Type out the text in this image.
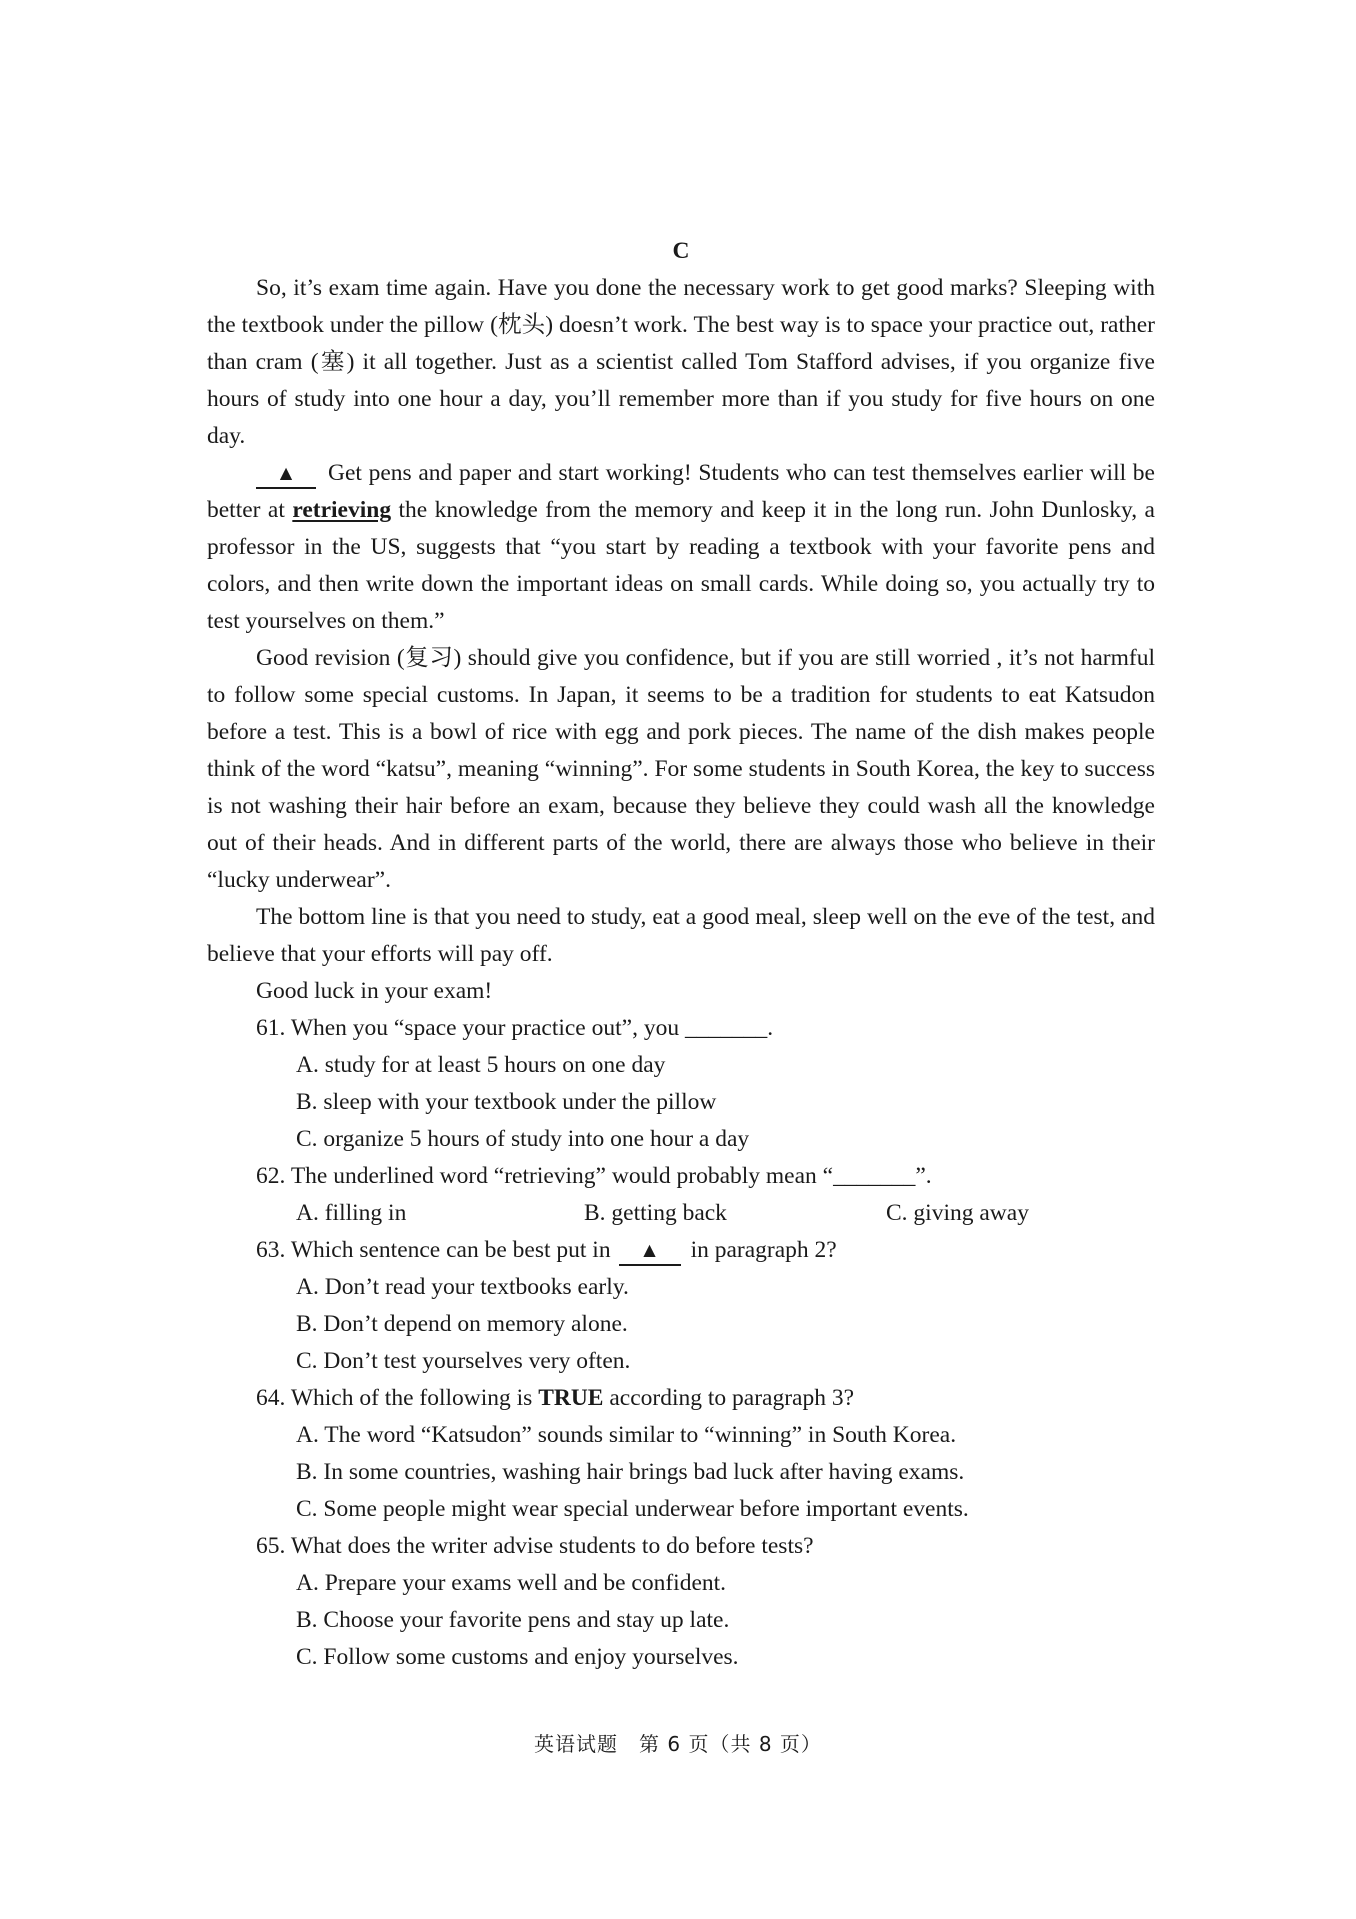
C

So, it’s exam time again. Have you done the necessary work to get good marks? Sleeping with the textbook under the pillow (枕头) doesn’t work. The best way is to space your practice out, rather than cram (塞) it all together. Just as a scientist called Tom Stafford advises, if you organize five hours of study into one hour a day, you’ll remember more than if you study for five hours on one day.

▲ Get pens and paper and start working! Students who can test themselves earlier will be better at retrieving the knowledge from the memory and keep it in the long run. John Dunlosky, a professor in the US, suggests that “you start by reading a textbook with your favorite pens and colors, and then write down the important ideas on small cards. While doing so, you actually try to test yourselves on them.”

Good revision (复习) should give you confidence, but if you are still worried , it’s not harmful to follow some special customs. In Japan, it seems to be a tradition for students to eat Katsudon before a test. This is a bowl of rice with egg and pork pieces. The name of the dish makes people think of the word “katsu”, meaning “winning”. For some students in South Korea, the key to success is not washing their hair before an exam, because they believe they could wash all the knowledge out of their heads. And in different parts of the world, there are always those who believe in their “lucky underwear”.

The bottom line is that you need to study, eat a good meal, sleep well on the eve of the test, and believe that your efforts will pay off.

Good luck in your exam!
61. When you “space your practice out”, you _______.
A. study for at least 5 hours on one day
B. sleep with your textbook under the pillow
C. organize 5 hours of study into one hour a day
62. The underlined word “retrieving” would probably mean “_______”.
A. filling in	B. getting back	C. giving away
63. Which sentence can be best put in ▲ in paragraph 2?
A. Don’t read your textbooks early.
B. Don’t depend on memory alone.
C. Don’t test yourselves very often.
64. Which of the following is TRUE according to paragraph 3?
A. The word “Katsudon” sounds similar to “winning” in South Korea.
B. In some countries, washing hair brings bad luck after having exams.
C. Some people might wear special underwear before important events.
65. What does the writer advise students to do before tests?
A. Prepare your exams well and be confident.
B. Choose your favorite pens and stay up late.
C. Follow some customs and enjoy yourselves.
英语试题　第 6 页（共 8 页）
